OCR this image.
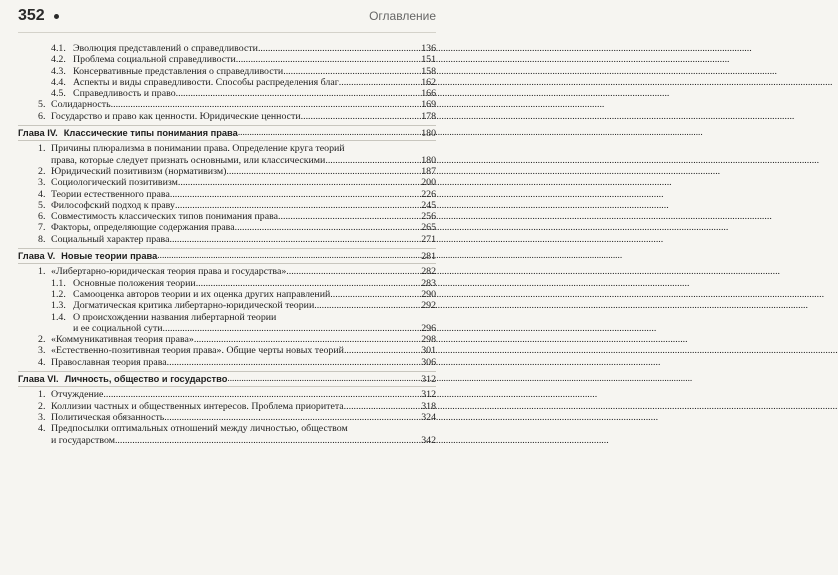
352	Оглавление
4.1. Эволюция представлений о справедливости .....	136
4.2. Проблема социальной справедливости .....	151
4.3. Консервативные представления о справедливости .....	158
4.4. Аспекты и виды справедливости. Способы распределения благ .....	162
4.5. Справедливость и право .....	166
5. Солидарность .....	169
6. Государство и право как ценности. Юридические ценности .....	178
Глава IV. Классические типы понимания права .....	180
1. Причины плюрализма в понимании права. Определение круга теорий
права, которые следует признать основными, или классическими .....	180
2. Юридический позитивизм (нормативизм) .....	187
3. Социологический позитивизм .....	200
4. Теории естественного права .....	226
5. Философский подход к праву .....	245
6. Совместимость классических типов понимания права .....	256
7. Факторы, определяющие содержания права .....	265
8. Социальный характер права .....	271
Глава V. Новые теории права .....	281
1. «Либертарно-юридическая теория права и государства» .....	282
1.1. Основные положения теории .....	283
1.2. Самооценка авторов теории и их оценка других направлений .....	290
1.3. Догматическая критика либертарно-юридической теории .....	292
1.4. О происхождении названия либертарной теории
и ее социальной сути .....	296
2. «Коммуникативная теория права» .....	298
3. «Естественно-позитивная теория права». Общие черты новых теорий .....	301
4. Православная теория права .....	306
Глава VI. Личность, общество и государство .....	312
1. Отчуждение .....	312
2. Коллизии частных и общественных интересов. Проблема приоритета .....	318
3. Политическая обязанность .....	324
4. Предпосылки оптимальных отношений между личностью, обществом
и государством .....	342
